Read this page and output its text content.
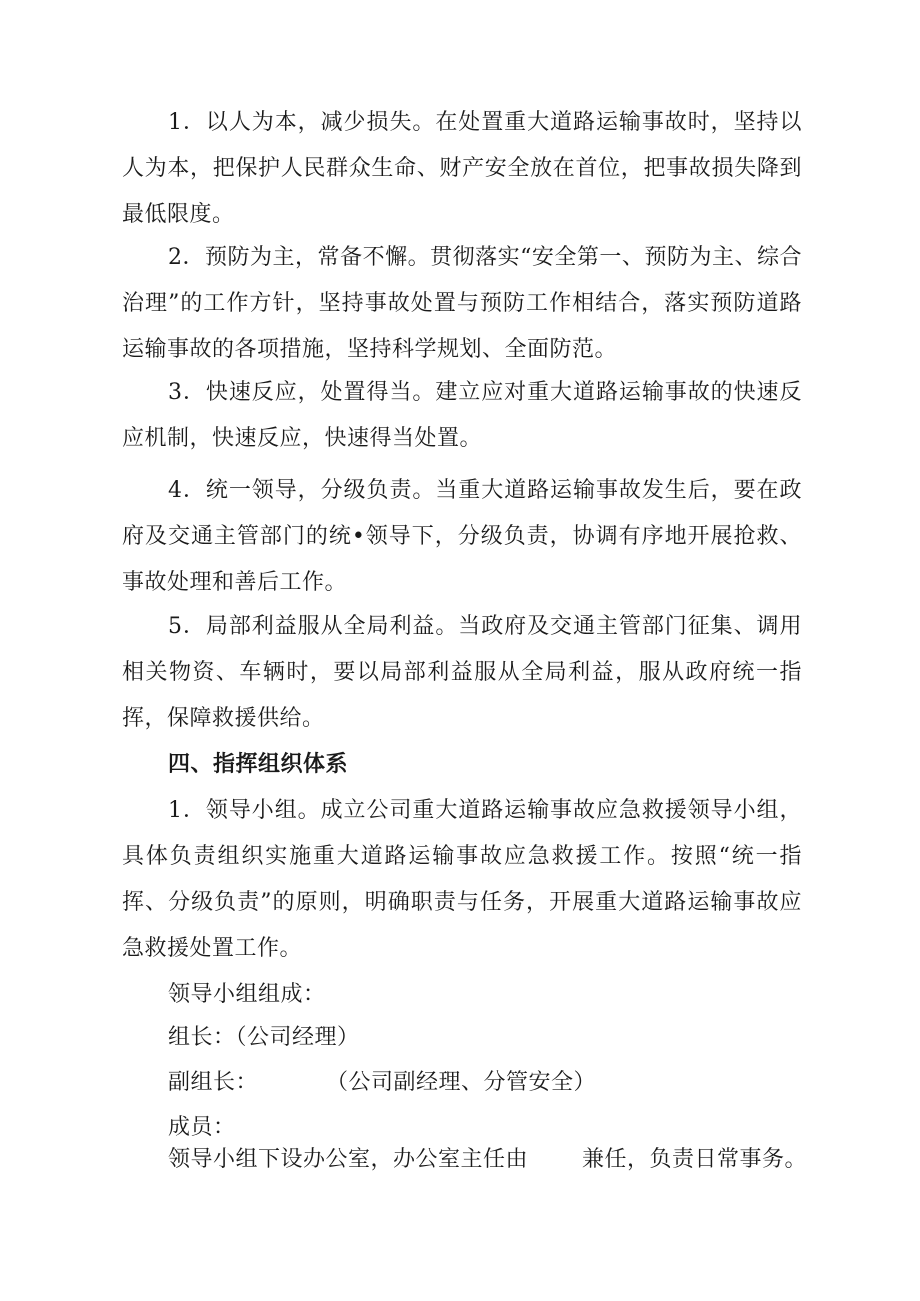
1．以人为本，减少损失。在处置重大道路运输事故时，坚持以人为本，把保护人民群众生命、财产安全放在首位，把事故损失降到最低限度。

2．预防为主，常备不懈。贯彻落实“安全第一、预防为主、综合治理”的工作方针，坚持事故处置与预防工作相结合，落实预防道路运输事故的各项措施，坚持科学规划、全面防范。

3．快速反应，处置得当。建立应对重大道路运输事故的快速反应机制，快速反应，快速得当处置。

4．统一领导，分级负责。当重大道路运输事故发生后，要在政府及交通主管部门的统•领导下，分级负责，协调有序地开展抢救、事故处理和善后工作。

5．局部利益服从全局利益。当政府及交通主管部门征集、调用相关物资、车辆时，要以局部利益服从全局利益，服从政府统一指挥，保障救援供给。

四、指挥组织体系

1．领导小组。成立公司重大道路运输事故应急救援领导小组，具体负责组织实施重大道路运输事故应急救援工作。按照“统一指挥、分级负责”的原则，明确职责与任务，开展重大道路运输事故应急救援处置工作。

领导小组组成：

组长：（公司经理）

副组长：	（公司副经理、分管安全）

成员：

领导小组下设办公室，办公室主任由 兼任，负责日常事务。
